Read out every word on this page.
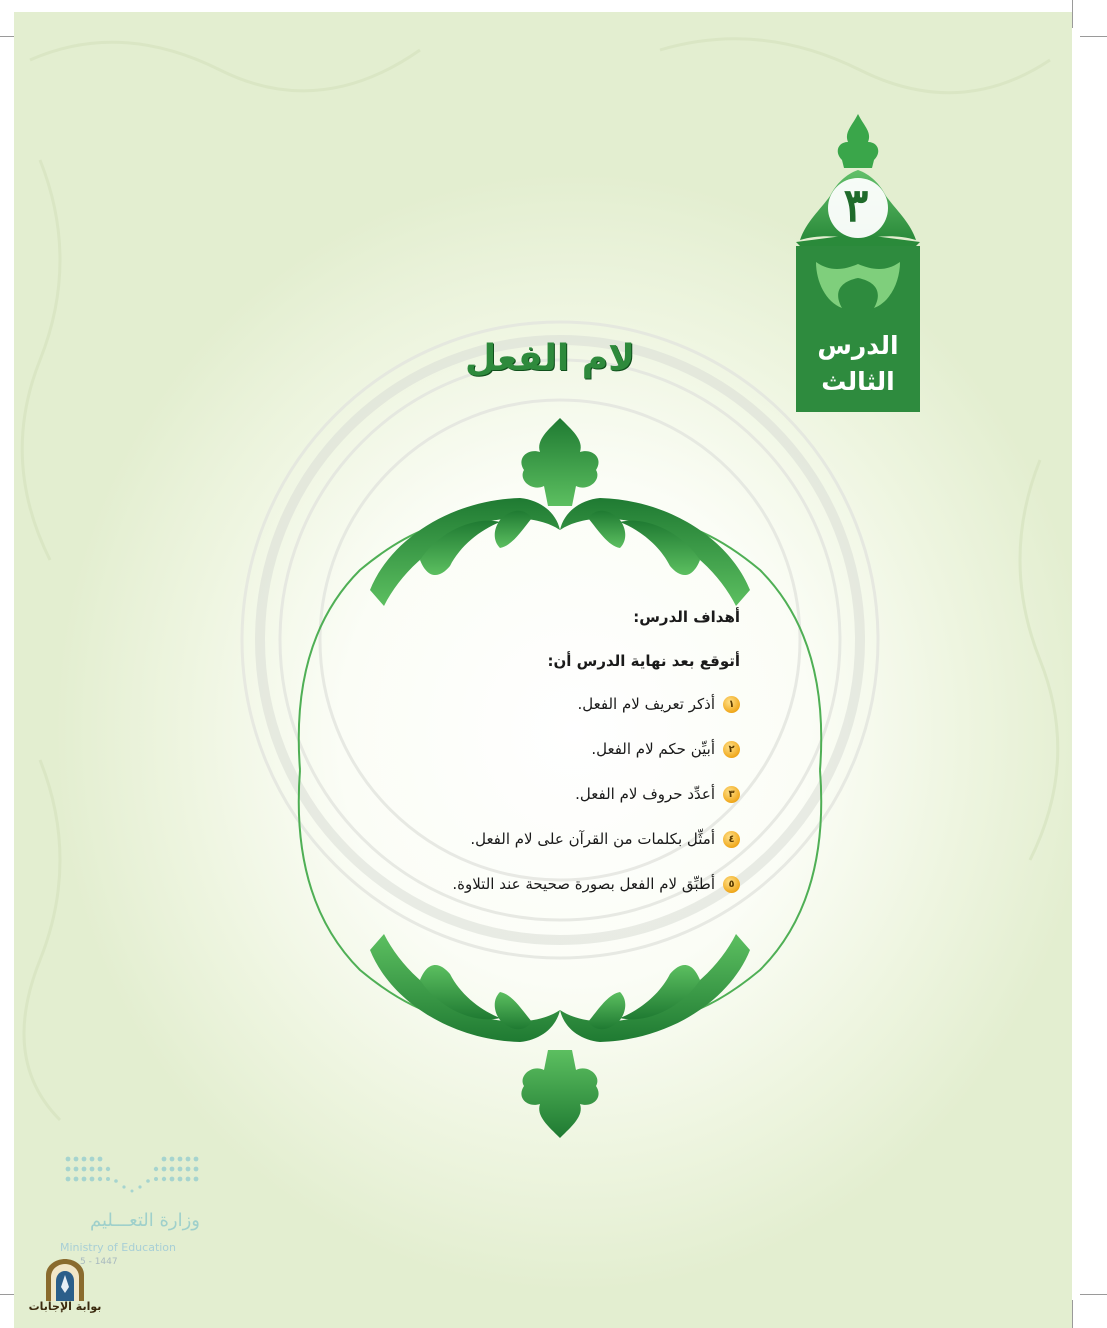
٣
الدرس
الثالث
لام الفعل
أهداف الدرس:
أتوقع بعد نهاية الدرس أن:
١
أذكر تعريف لام الفعل.
٢
أبيِّن حكم لام الفعل.
٣
أعدِّد حروف لام الفعل.
٤
أمثِّل بكلمات من القرآن على لام الفعل.
٥
أطبِّق لام الفعل بصورة صحيحة عند التلاوة.
وزارة التعـــليم
Ministry of Education
5 - 1447
بوابة الإجابات
